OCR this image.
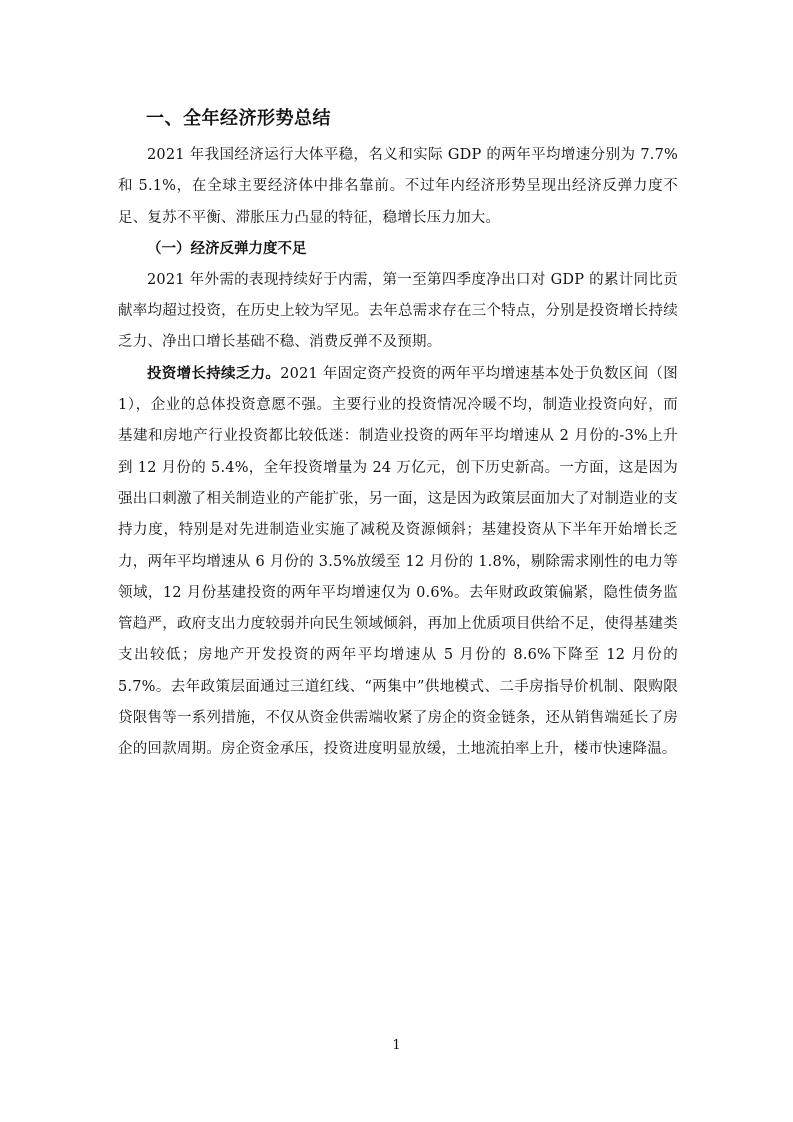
一、全年经济形势总结

2021 年我国经济运行大体平稳，名义和实际 GDP 的两年平均增速分别为 7.7%和 5.1%，在全球主要经济体中排名靠前。不过年内经济形势呈现出经济反弹力度不足、复苏不平衡、滞胀压力凸显的特征，稳增长压力加大。

（一）经济反弹力度不足

2021 年外需的表现持续好于内需，第一至第四季度净出口对 GDP 的累计同比贡献率均超过投资，在历史上较为罕见。去年总需求存在三个特点，分别是投资增长持续乏力、净出口增长基础不稳、消费反弹不及预期。

投资增长持续乏力。2021 年固定资产投资的两年平均增速基本处于负数区间（图 1），企业的总体投资意愿不强。主要行业的投资情况冷暖不均，制造业投资向好，而基建和房地产行业投资都比较低迷：制造业投资的两年平均增速从 2 月份的-3%上升到 12 月份的 5.4%，全年投资增量为 24 万亿元，创下历史新高。一方面，这是因为强出口刺激了相关制造业的产能扩张，另一面，这是因为政策层面加大了对制造业的支持力度，特别是对先进制造业实施了减税及资源倾斜；基建投资从下半年开始增长乏力，两年平均增速从 6 月份的 3.5%放缓至 12 月份的 1.8%，剔除需求刚性的电力等领域，12 月份基建投资的两年平均增速仅为 0.6%。去年财政政策偏紧，隐性债务监管趋严，政府支出力度较弱并向民生领域倾斜，再加上优质项目供给不足，使得基建类支出较低；房地产开发投资的两年平均增速从 5 月份的 8.6%下降至 12 月份的 5.7%。去年政策层面通过三道红线、“两集中”供地模式、二手房指导价机制、限购限贷限售等一系列措施，不仅从资金供需端收紧了房企的资金链条，还从销售端延长了房企的回款周期。房企资金承压，投资进度明显放缓，土地流拍率上升，楼市快速降温。

1
